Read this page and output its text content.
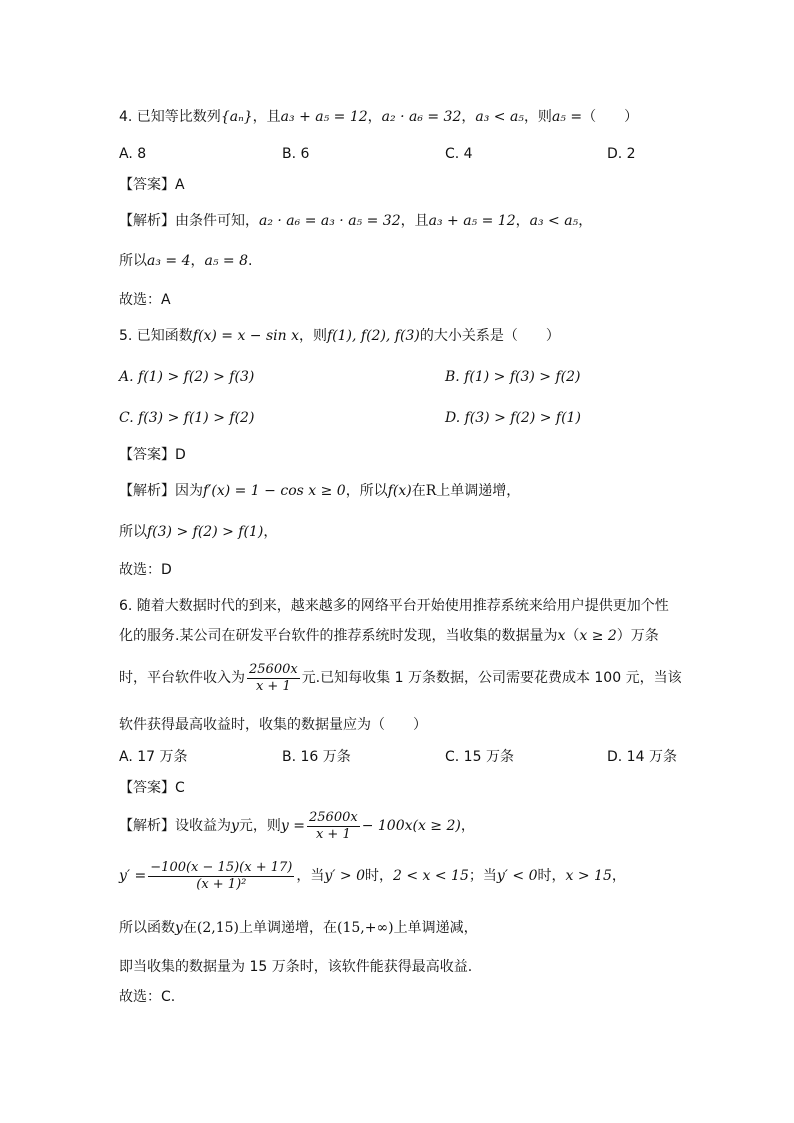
4. 已知等比数列{aₙ}，且a₃ + a₅ = 12，a₂ · a₆ = 32，a₃ < a₅，则a₅ =（　　）
A. 8	B. 6	C. 4	D. 2
【答案】A
【解析】由条件可知，a₂ · a₆ = a₃ · a₅ = 32，且a₃ + a₅ = 12，a₃ < a₅，
所以a₃ = 4，a₅ = 8.
故选：A
5. 已知函数f(x) = x − sin x，则f(1), f(2), f(3)的大小关系是（　　）
A. f(1) > f(2) > f(3)	B. f(1) > f(3) > f(2)
C. f(3) > f(1) > f(2)	D. f(3) > f(2) > f(1)
【答案】D
【解析】因为f′(x) = 1 − cos x ≥ 0，所以f(x)在R上单调递增，
所以f(3) > f(2) > f(1)，
故选：D
6. 随着大数据时代的到来，越来越多的网络平台开始使用推荐系统来给用户提供更加个性
化的服务.某公司在研发平台软件的推荐系统时发现，当收集的数据量为x（x ≥ 2）万条
时，平台软件收入为 $\frac{25600x}{x + 1}$ 元.已知每收集 1 万条数据，公司需要花费成本 100 元，当该
软件获得最高收益时，收集的数据量应为（　　）
A. 17 万条	B. 16 万条	C. 15 万条	D. 14 万条
【答案】C
【解析】设收益为y元，则$y = \frac{25600x}{x + 1} - 100x(x \ge 2)$，
$y' = \frac{-100(x - 15)(x + 17)}{\text{(x + 1)²}}$ ，当y′ > 0时，2 < x < 15；当y′ < 0时，x > 15，
所以函数y在(2,15)上单调递增，在(15,+∞)上单调递减，
即当收集的数据量为 15 万条时，该软件能获得最高收益.
故选：C.
